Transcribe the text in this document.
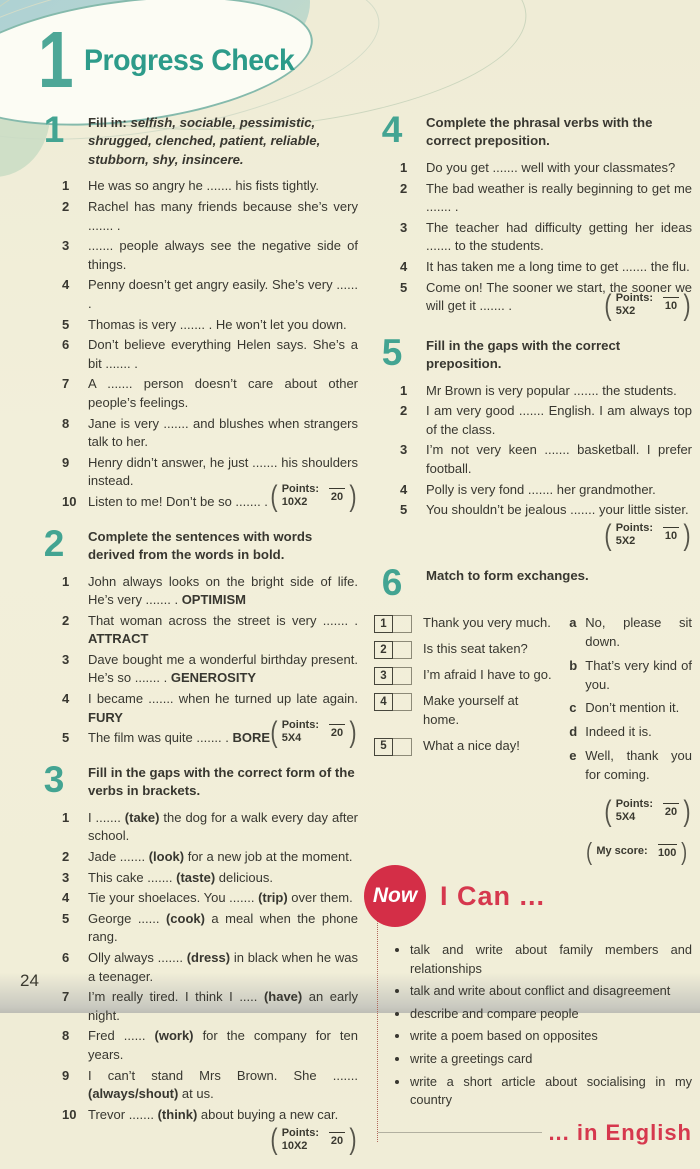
1 Progress Check
1	Fill in: selfish, sociable, pessimistic, shrugged, clenched, patient, reliable, stubborn, shy, insincere.
1	He was so angry he ....... his fists tightly.
2	Rachel has many friends because she’s very ....... .
3	....... people always see the negative side of things.
4	Penny doesn’t get angry easily. She’s very ...... .
5	Thomas is very ....... . He won’t let you down.
6	Don’t believe everything Helen says. She’s a bit ....... .
7	A ....... person doesn’t care about other people’s feelings.
8	Jane is very ....... and blushes when strangers talk to her.
9	Henry didn’t answer, he just ....... his shoulders instead.
10 Listen to me! Don’t be so ....... . ( Points:
10X2 20 )
2	Complete the sentences with words derived from the words in bold.
1	John always looks on the bright side of life. He’s very ....... . OPTIMISM
2	That woman across the street is very ....... . ATTRACT
3	Dave bought me a wonderful birthday present. He’s so ....... . GENEROSITY
4	I became ....... when he turned up late again. FURY
5	The film was quite ....... . BORE ( Points:
5X4	20 )
3	Fill in the gaps with the correct form of the verbs in brackets.
1	I ....... (take) the dog for a walk every day after school.
2	Jade ....... (look) for a new job at the moment.
3	This cake ....... (taste) delicious.
4	Tie your shoelaces. You ....... (trip) over them.
5	George ...... (cook) a meal when the phone rang.
6	Olly always ....... (dress) in black when he was a teenager.
7	I’m really tired. I think I ..... (have) an early night.
8	Fred ...... (work) for the company for ten years.
9	I can’t stand Mrs Brown. She ....... (always/shout) at us.
10 Trevor ....... (think) about buying a new car.
( Points:
10X2 20 )
4	Complete the phrasal verbs with the correct preposition.
1	Do you get ....... well with your classmates?
2	The bad weather is really beginning to get me ....... .
3	The teacher had difficulty getting her ideas ....... to the students.
4	It has taken me a long time to get ....... the flu.
5	Come on! The sooner we start, the sooner we will get it ....... .	( Points:
5X2	10 )
5	Fill in the gaps with the correct preposition.
1	Mr Brown is very popular ....... the students.
2	I am very good ....... English. I am always top of the class.
3	I’m not very keen ....... basketball. I prefer football.
4	Polly is very fond ....... her grandmother.
5	You shouldn’t be jealous ....... your little sister.
( Points:
5X2	10 )
6	Match to form exchanges.
1	Thank you very much.
2	Is this seat taken?
3	I’m afraid I have to go.
4	Make yourself at home.
5	What a nice day!
a No, please sit down.
b That’s very kind of you.
c Don’t mention it.
d Indeed it is.
e Well, thank you for coming.
( Points:
5X4	20 )
( My score: 100 )
Now I Can ...
• talk and write about family members and relationships
• talk and write about conflict and disagreement
• describe and compare people
• write a poem based on opposites
• write a greetings card
• write a short article about socialising in my country
... in English
24
